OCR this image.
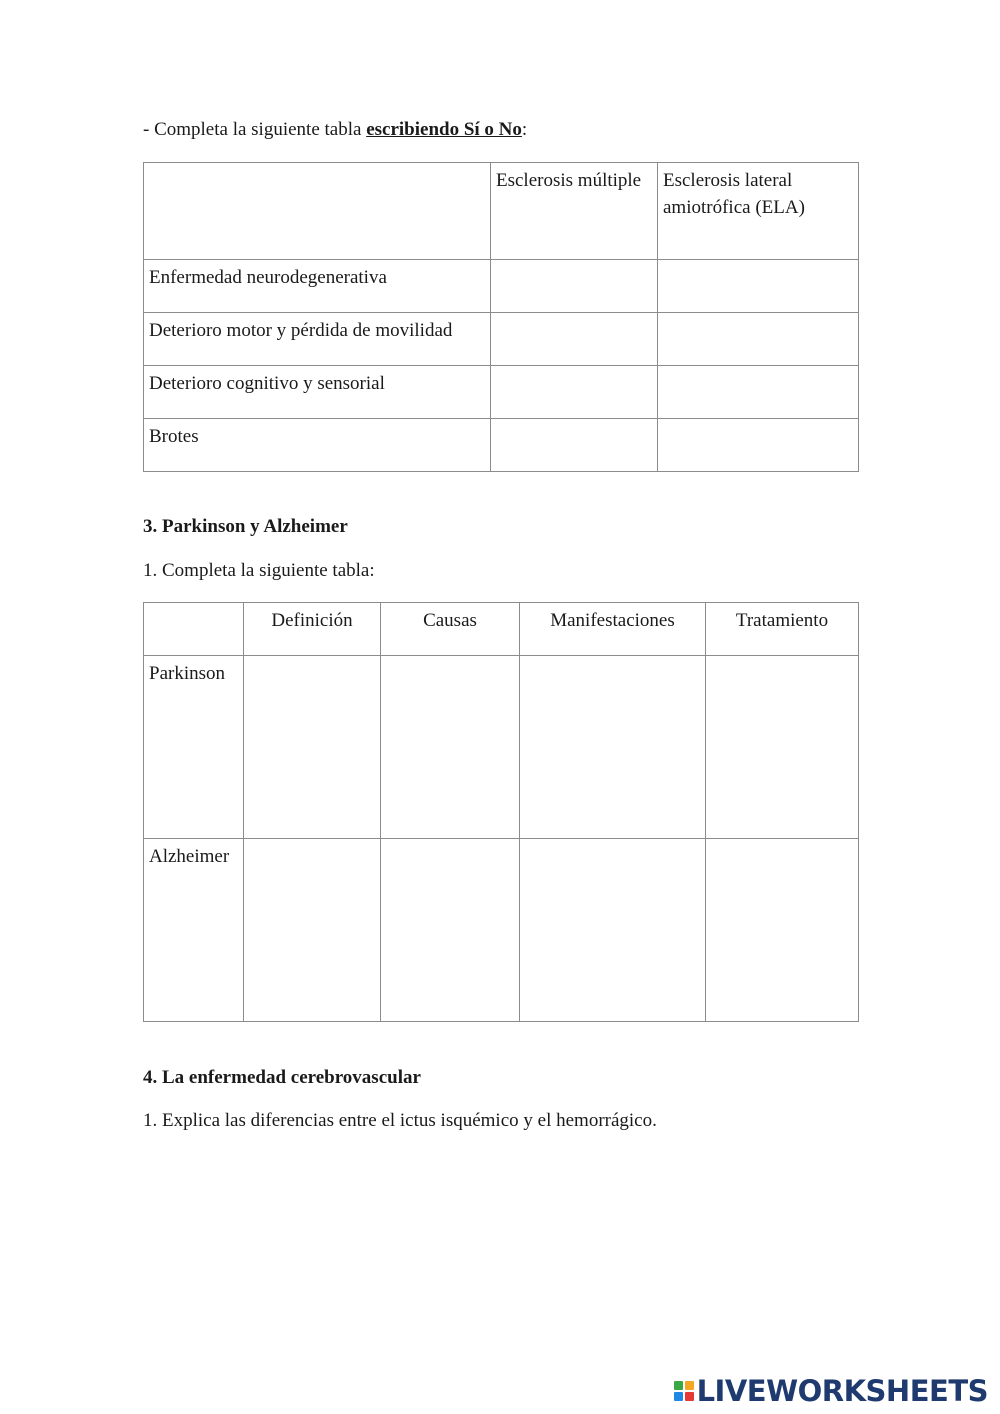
- Completa la siguiente tabla escribiendo Sí o No:

	Esclerosis múltiple	Esclerosis lateral amiotrófica (ELA)

Enfermedad neurodegenerativa		

Deterioro motor y pérdida de movilidad		

Deterioro cognitivo y sensorial		

Brotes		

3. Parkinson y Alzheimer
1. Completa la siguiente tabla:

	Definición	Causas	Manifestaciones	Tratamiento

Parkinson				

Alzheimer				

4. La enfermedad cerebrovascular
1. Explica las diferencias entre el ictus isquémico y el hemorrágico.
LIVEWORKSHEETS
